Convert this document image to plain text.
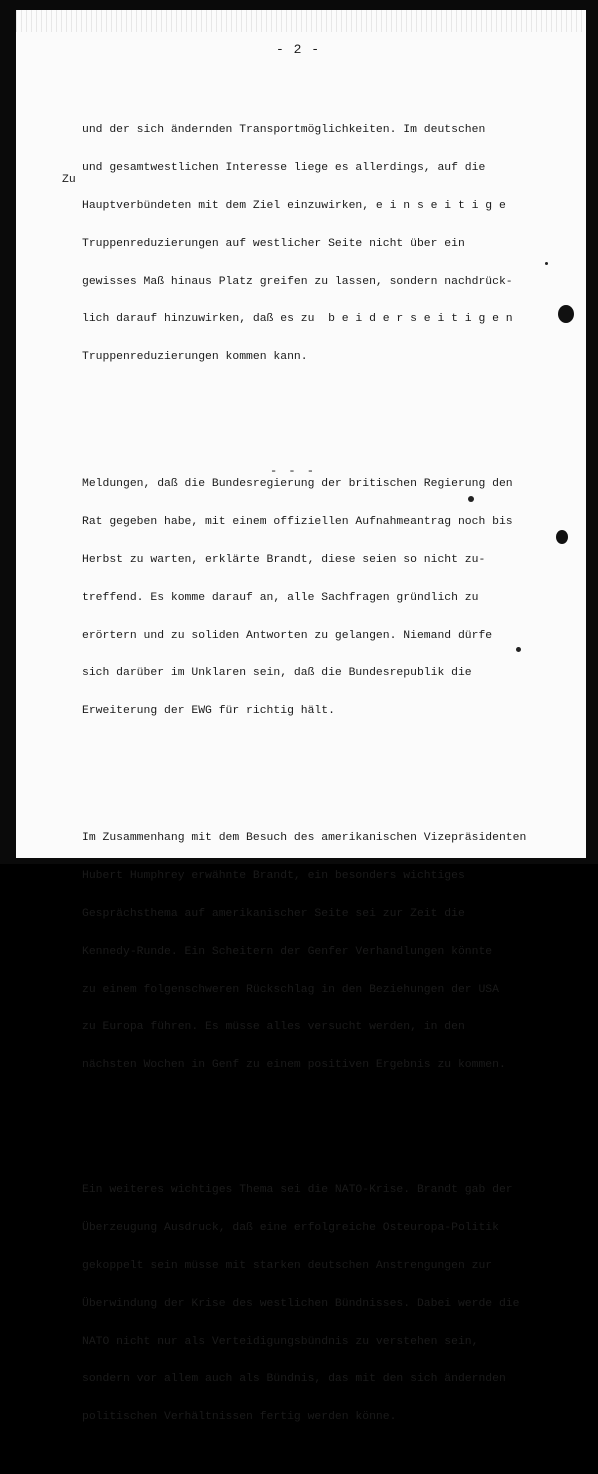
- 2 -
Zu

und der sich ändernden Transportmöglichkeiten. Im deutschen

und gesamtwestlichen Interesse liege es allerdings, auf die

Hauptverbündeten mit dem Ziel einzuwirken, e i n s e i t i g e

Truppenreduzierungen auf westlicher Seite nicht über ein

gewisses Maß hinaus Platz greifen zu lassen, sondern nachdrück-

lich darauf hinzuwirken, daß es zu  b e i d e r s e i t i g e n

Truppenreduzierungen kommen kann.

Meldungen, daß die Bundesregierung der britischen Regierung den

Rat gegeben habe, mit einem offiziellen Aufnahmeantrag noch bis

Herbst zu warten, erklärte Brandt, diese seien so nicht zu-

treffend. Es komme darauf an, alle Sachfragen gründlich zu

erörtern und zu soliden Antworten zu gelangen. Niemand dürfe

sich darüber im Unklaren sein, daß die Bundesrepublik die

Erweiterung der EWG für richtig hält.

Im Zusammenhang mit dem Besuch des amerikanischen Vizepräsidenten

Hubert Humphrey erwähnte Brandt, ein besonders wichtiges

Gesprächsthema auf amerikanischer Seite sei zur Zeit die

Kennedy-Runde. Ein Scheitern der Genfer Verhandlungen könnte

zu einem folgenschweren Rückschlag in den Beziehungen der USA

zu Europa führen. Es müsse alles versucht werden, in den

nächsten Wochen in Genf zu einem positiven Ergebnis zu kommen.

Ein weiteres wichtiges Thema sei die NATO-Krise. Brandt gab der

Überzeugung Ausdruck, daß eine erfolgreiche Osteuropa-Politik

gekoppelt sein müsse mit starken deutschen Anstrengungen zur

Überwindung der Krise des westlichen Bündnisses. Dabei werde die

NATO nicht nur als Verteidigungsbündnis zu verstehen sein,

sondern vor allem auch als Bündnis, das mit den sich ändernden

politischen Verhältnissen fertig werden könne.

- - -
